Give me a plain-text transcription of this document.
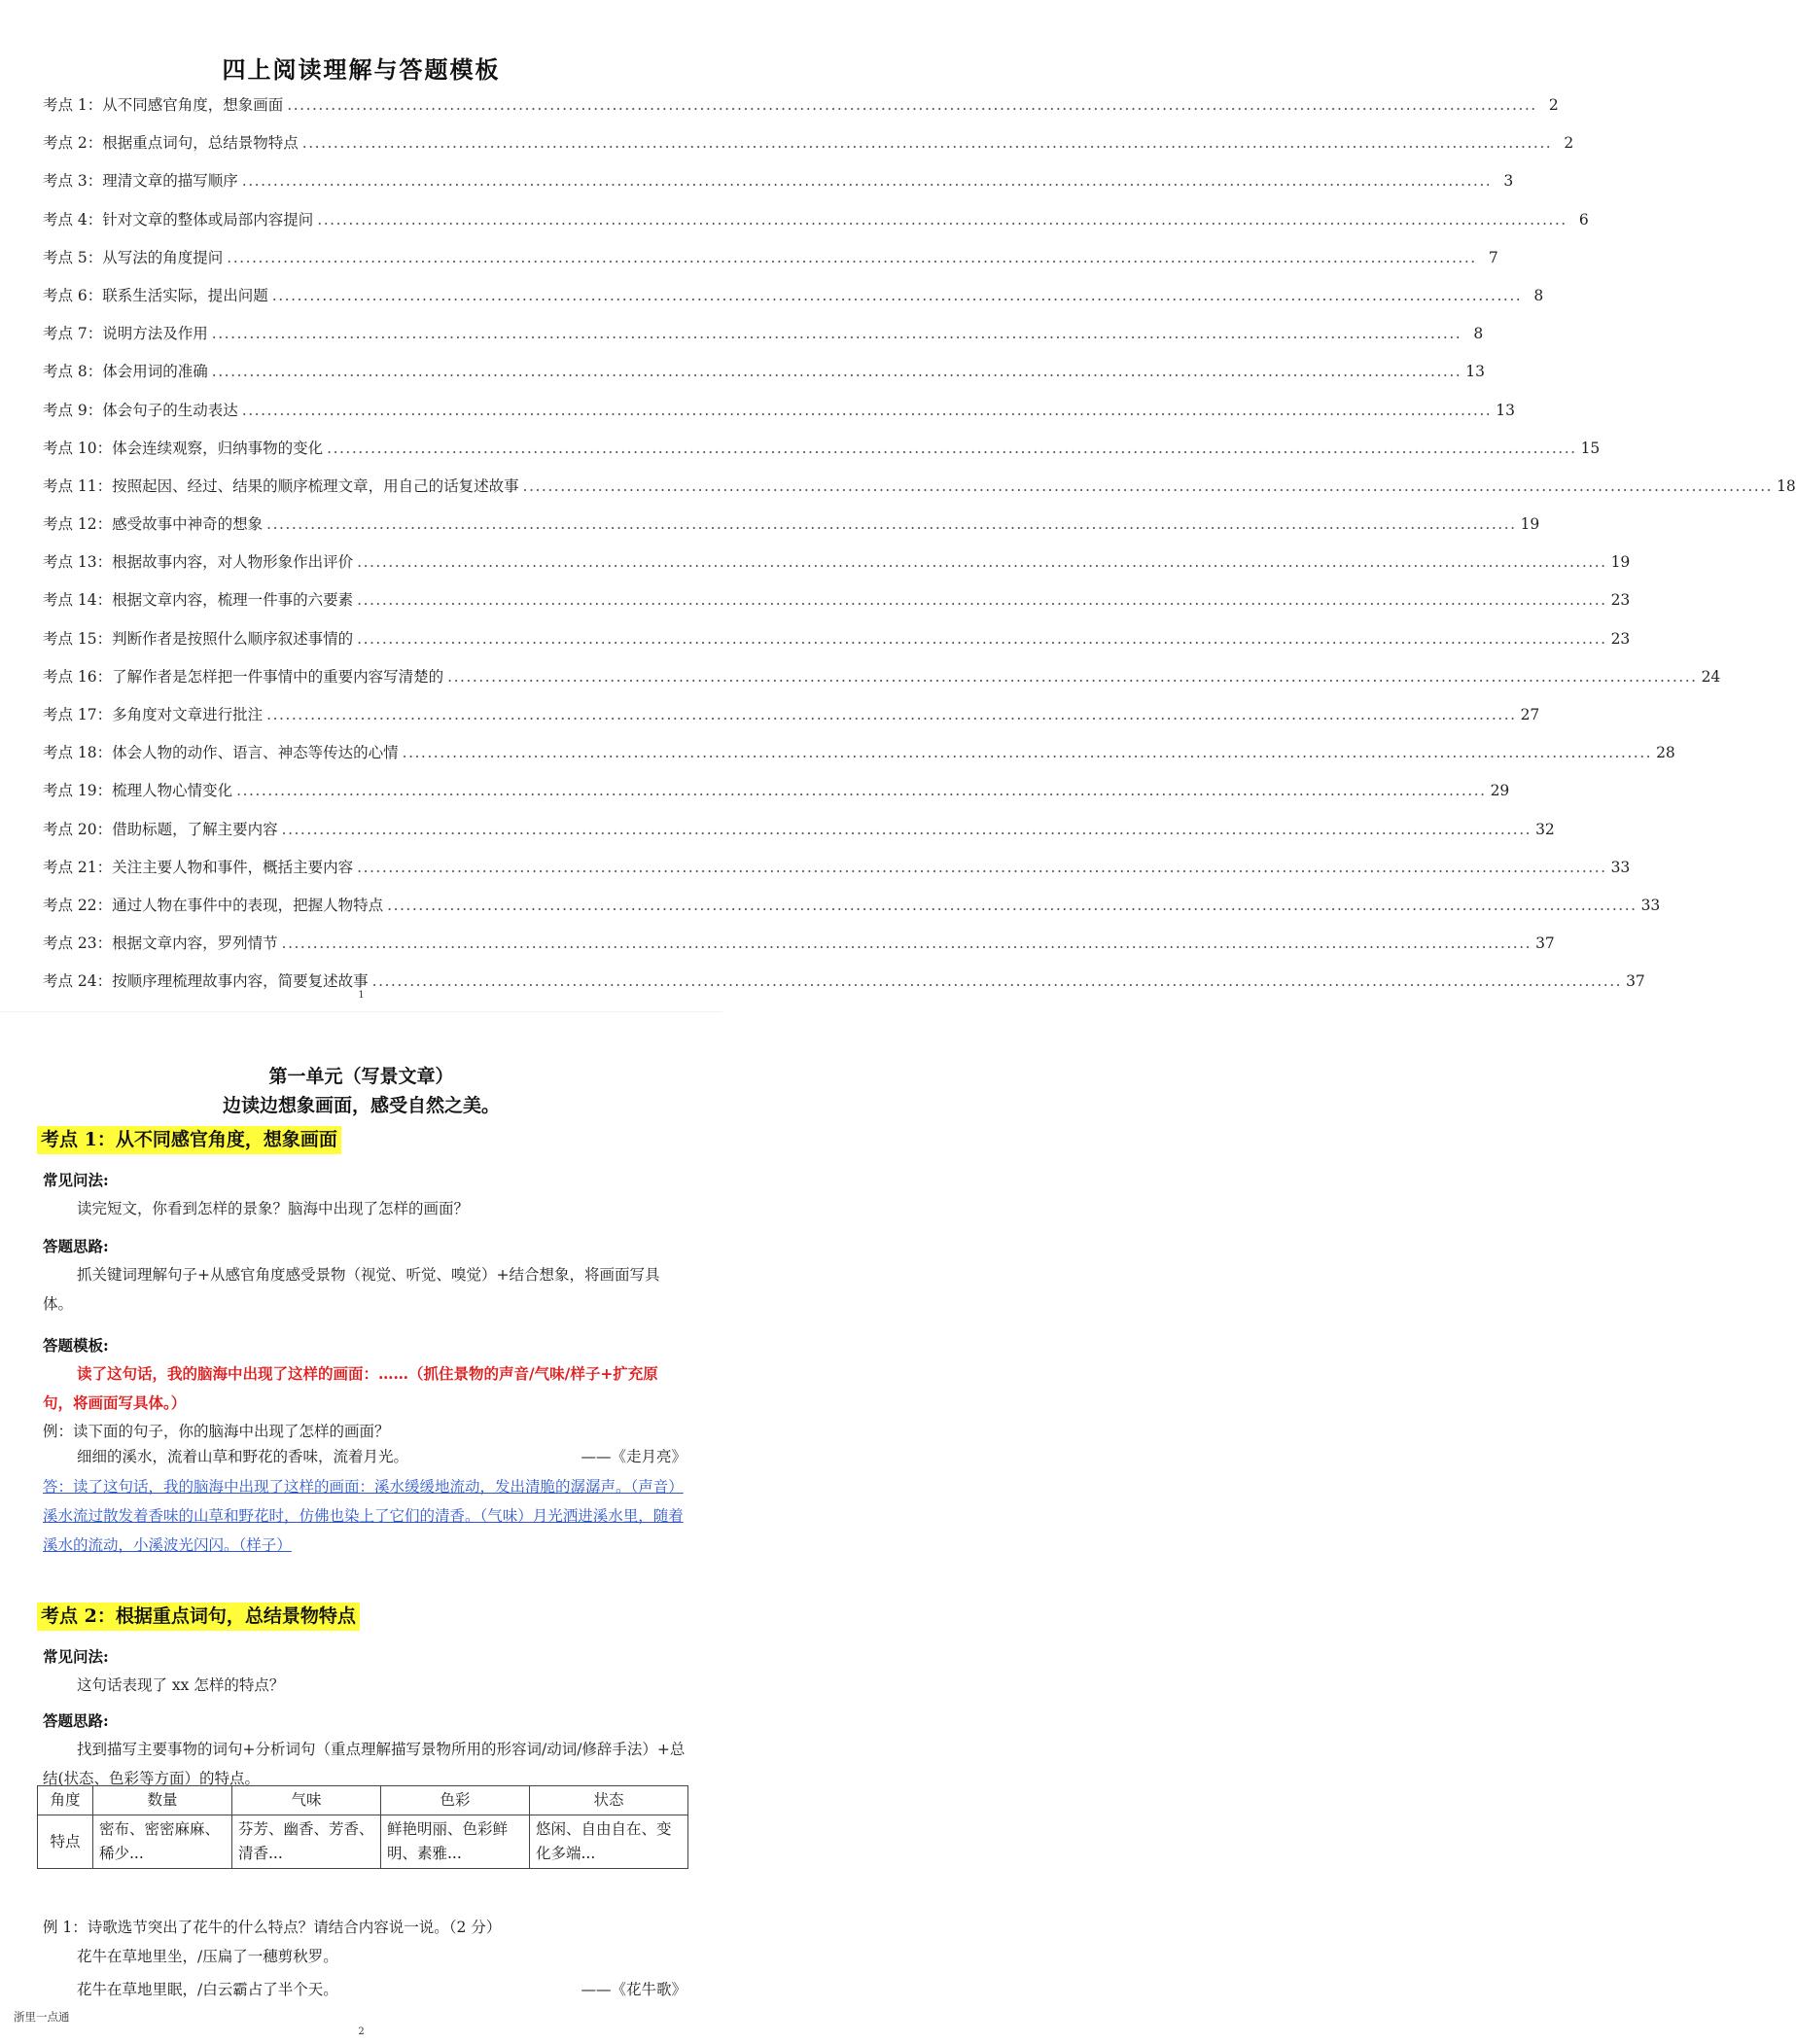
四上阅读理解与答题模板
考点 1：从不同感官角度，想象画面 ........................................................................................................................................................................................................ 2
考点 2：根据重点词句，总结景物特点 ........................................................................................................................................................................................................ 2
考点 3：理清文章的描写顺序 ........................................................................................................................................................................................................ 3
考点 4：针对文章的整体或局部内容提问 ........................................................................................................................................................................................................ 6
考点 5：从写法的角度提问 ........................................................................................................................................................................................................ 7
考点 6：联系生活实际，提出问题 ........................................................................................................................................................................................................ 8
考点 7：说明方法及作用 ........................................................................................................................................................................................................ 8
考点 8：体会用词的准确 ........................................................................................................................................................................................................ 13
考点 9：体会句子的生动表达 ........................................................................................................................................................................................................ 13
考点 10：体会连续观察，归纳事物的变化 ........................................................................................................................................................................................................ 15
考点 11：按照起因、经过、结果的顺序梳理文章，用自己的话复述故事 ........................................................................................................................................................................................................ 18
考点 12：感受故事中神奇的想象 ........................................................................................................................................................................................................ 19
考点 13：根据故事内容，对人物形象作出评价 ........................................................................................................................................................................................................ 19
考点 14：根据文章内容，梳理一件事的六要素 ........................................................................................................................................................................................................ 23
考点 15：判断作者是按照什么顺序叙述事情的 ........................................................................................................................................................................................................ 23
考点 16：了解作者是怎样把一件事情中的重要内容写清楚的 ........................................................................................................................................................................................................ 24
考点 17：多角度对文章进行批注 ........................................................................................................................................................................................................ 27
考点 18：体会人物的动作、语言、神态等传达的心情 ........................................................................................................................................................................................................ 28
考点 19：梳理人物心情变化 ........................................................................................................................................................................................................ 29
考点 20：借助标题，了解主要内容 ........................................................................................................................................................................................................ 32
考点 21：关注主要人物和事件，概括主要内容 ........................................................................................................................................................................................................ 33
考点 22：通过人物在事件中的表现，把握人物特点 ........................................................................................................................................................................................................ 33
考点 23：根据文章内容，罗列情节 ........................................................................................................................................................................................................ 37
考点 24：按顺序理梳理故事内容，简要复述故事 ........................................................................................................................................................................................................ 37
1
第一单元（写景文章）
边读边想象画面，感受自然之美。
考点 1：从不同感官角度，想象画面
常见问法:

读完短文，你看到怎样的景象？脑海中出现了怎样的画面？

答题思路:

抓关键词理解句子+从感官角度感受景物（视觉、听觉、嗅觉）+结合想象，将画面写具体。

答题模板:

读了这句话，我的脑海中出现了这样的画面：……（抓住景物的声音/气味/样子+扩充原句，将画面写具体。）

例：读下面的句子，你的脑海中出现了怎样的画面？
细细的溪水，流着山草和野花的香味，流着月光。	——《走月亮》

答：读了这句话，我的脑海中出现了这样的画面：溪水缓缓地流动，发出清脆的潺潺声。（声音）溪水流过散发着香味的山草和野花时，仿佛也染上了它们的清香。（气味）月光洒进溪水里，随着溪水的流动，小溪波光闪闪。（样子）

考点 2：根据重点词句，总结景物特点
常见问法:

这句话表现了 xx 怎样的特点？

答题思路:

找到描写主要事物的词句+分析词句（重点理解描写景物所用的形容词/动词/修辞手法）+总结(状态、色彩等方面）的特点。

角度	数量	气味	色彩	状态
特点	密布、密密麻麻、稀少...	芬芳、幽香、芳香、清香...	鲜艳明丽、色彩鲜明、素雅...	悠闲、自由自在、变化多端...
例 1：诗歌选节突出了花牛的什么特点？请结合内容说一说。（2 分）
花牛在草地里坐，/压扁了一穗剪秋罗。
花牛在草地里眠，/白云霸占了半个天。	——《花牛歌》
浙里一点通
2
